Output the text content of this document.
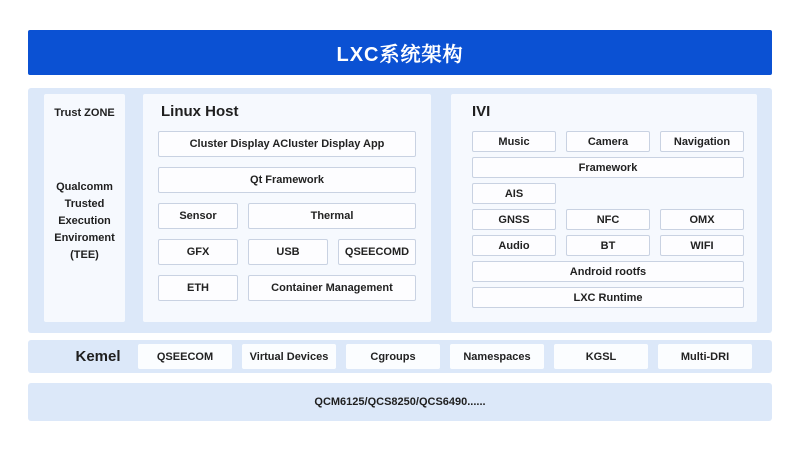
LXC系统架构
Trust ZONE
Qualcomm Trusted Execution Enviroment (TEE)
Linux Host
Cluster Display ACluster Display App
Qt Framework
Sensor	Thermal
GFX	USB	QSEECOMD
ETH	Container Management
IVI
Music	Camera	Navigation
Framework
AIS
GNSS	NFC	OMX
Audio	BT	WIFI
Android rootfs
LXC Runtime
Kemel	QSEECOM	Virtual Devices	Cgroups	Namespaces	KGSL	Multi-DRI
QCM6125/QCS8250/QCS6490......
